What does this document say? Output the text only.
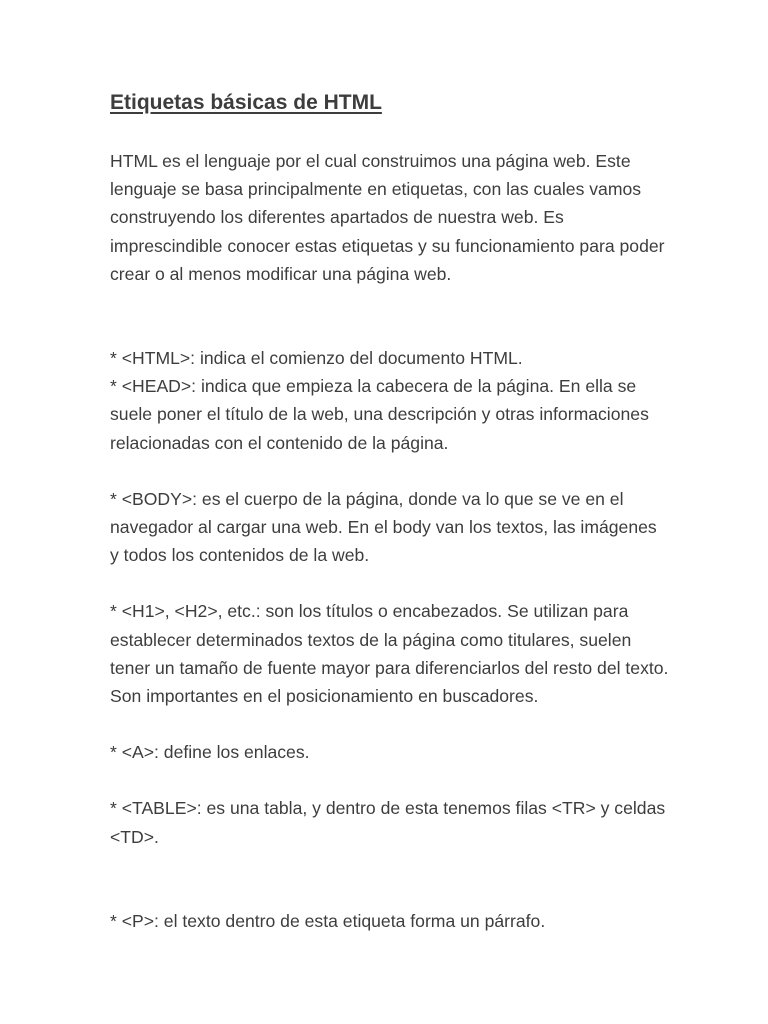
Etiquetas básicas de HTML

HTML es el lenguaje por el cual construimos una página web. Este lenguaje se basa principalmente en etiquetas, con las cuales vamos construyendo los diferentes apartados de nuestra web. Es imprescindible conocer estas etiquetas y su funcionamiento para poder crear o al menos modificar una página web.

* <HTML>: indica el comienzo del documento HTML.

* <HEAD>: indica que empieza la cabecera de la página. En ella se suele poner el título de la web, una descripción y otras informaciones relacionadas con el contenido de la página.

* <BODY>: es el cuerpo de la página, donde va lo que se ve en el navegador al cargar una web. En el body van los textos, las imágenes y todos los contenidos de la web.

* <H1>, <H2>, etc.: son los títulos o encabezados. Se utilizan para establecer determinados textos de la página como titulares, suelen tener un tamaño de fuente mayor para diferenciarlos del resto del texto. Son importantes en el posicionamiento en buscadores.

* <A>: define los enlaces.

* <TABLE>: es una tabla, y dentro de esta tenemos filas <TR> y celdas <TD>.

* <P>: el texto dentro de esta etiqueta forma un párrafo.
